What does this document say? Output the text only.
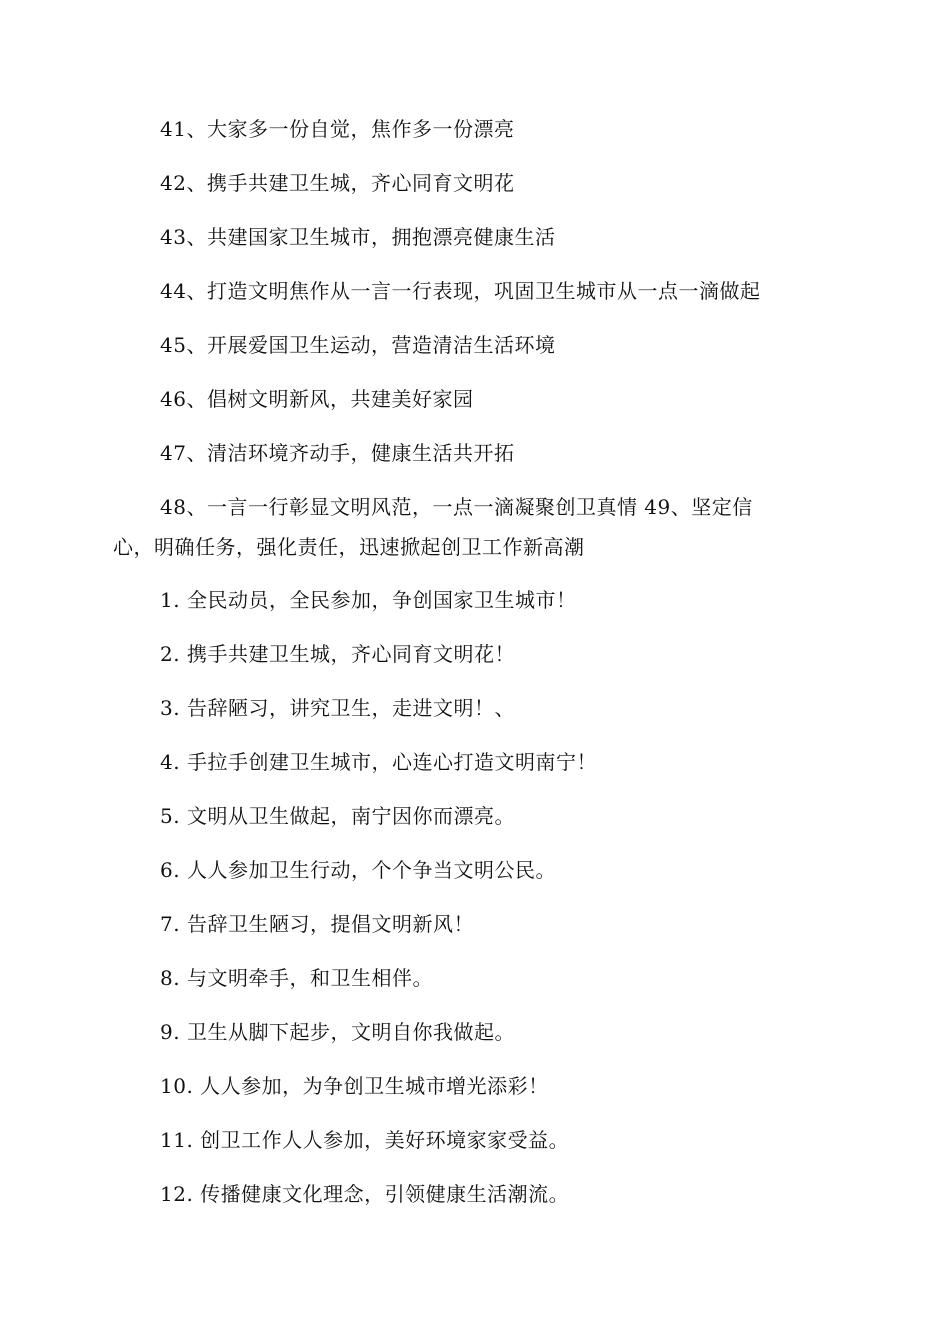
41、大家多一份自觉，焦作多一份漂亮
42、携手共建卫生城，齐心同育文明花
43、共建国家卫生城市，拥抱漂亮健康生活
44、打造文明焦作从一言一行表现，巩固卫生城市从一点一滴做起
45、开展爱国卫生运动，营造清洁生活环境
46、倡树文明新风，共建美好家园
47、清洁环境齐动手，健康生活共开拓
48、一言一行彰显文明风范，一点一滴凝聚创卫真情 49、坚定信
心，明确任务，强化责任，迅速掀起创卫工作新高潮
1. 全民动员，全民参加，争创国家卫生城市！
2. 携手共建卫生城，齐心同育文明花！
3. 告辞陋习，讲究卫生，走进文明！、
4. 手拉手创建卫生城市，心连心打造文明南宁！
5. 文明从卫生做起，南宁因你而漂亮。
6. 人人参加卫生行动，个个争当文明公民。
7. 告辞卫生陋习，提倡文明新风！
8. 与文明牵手，和卫生相伴。
9. 卫生从脚下起步，文明自你我做起。
10. 人人参加，为争创卫生城市增光添彩！
11. 创卫工作人人参加，美好环境家家受益。
12. 传播健康文化理念，引领健康生活潮流。
